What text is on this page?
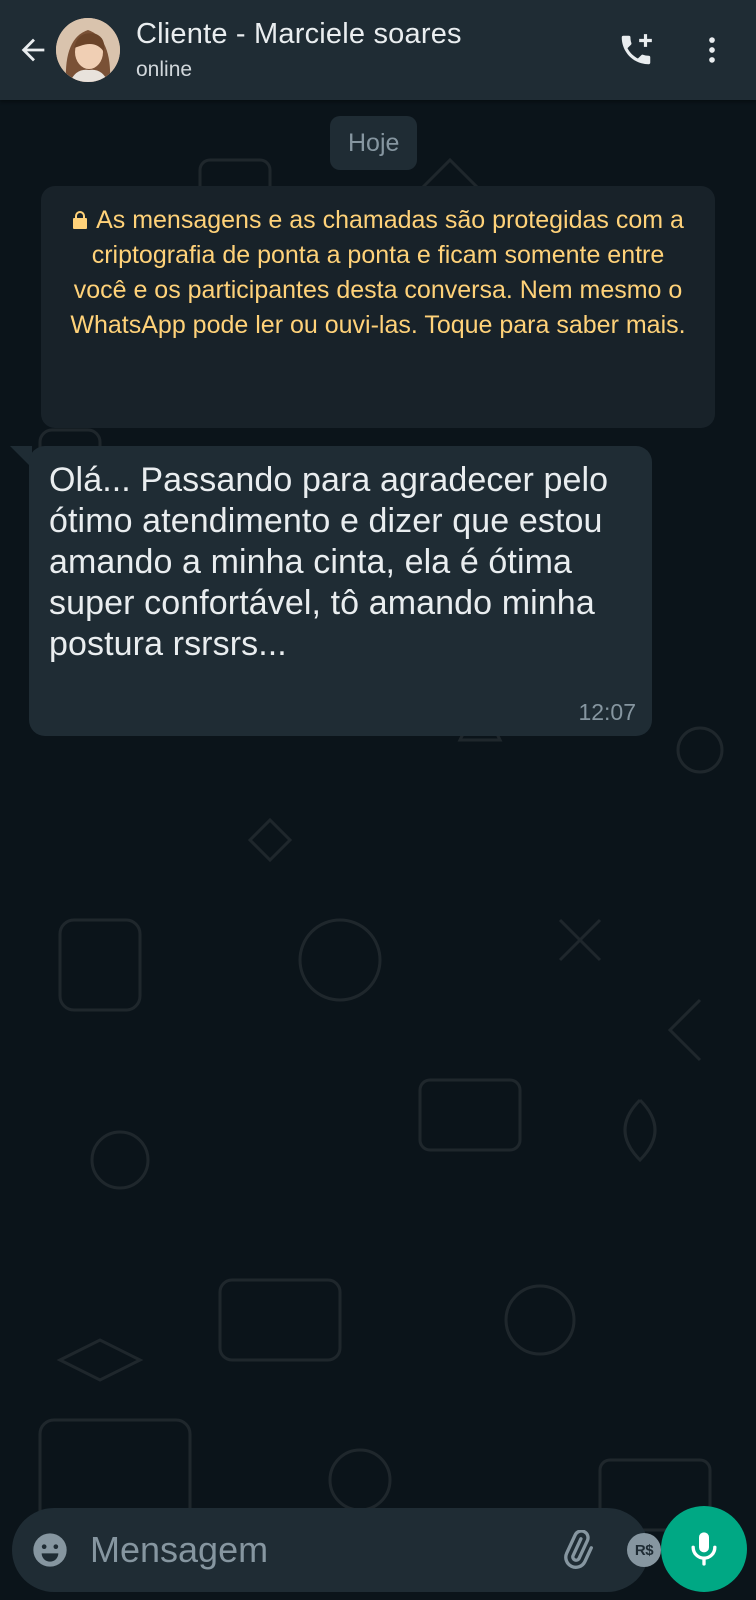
Cliente - Marciele soares
online
Hoje
As mensagens e as chamadas são protegidas com a criptografia de ponta a ponta e ficam somente entre você e os participantes desta conversa. Nem mesmo o WhatsApp pode ler ou ouvi-las. Toque para saber mais.
Olá... Passando para agradecer pelo ótimo atendimento e dizer que estou amando a minha cinta, ela é ótima super confortável, tô amando minha postura rsrsrs...
12:07
Mensagem
R$
